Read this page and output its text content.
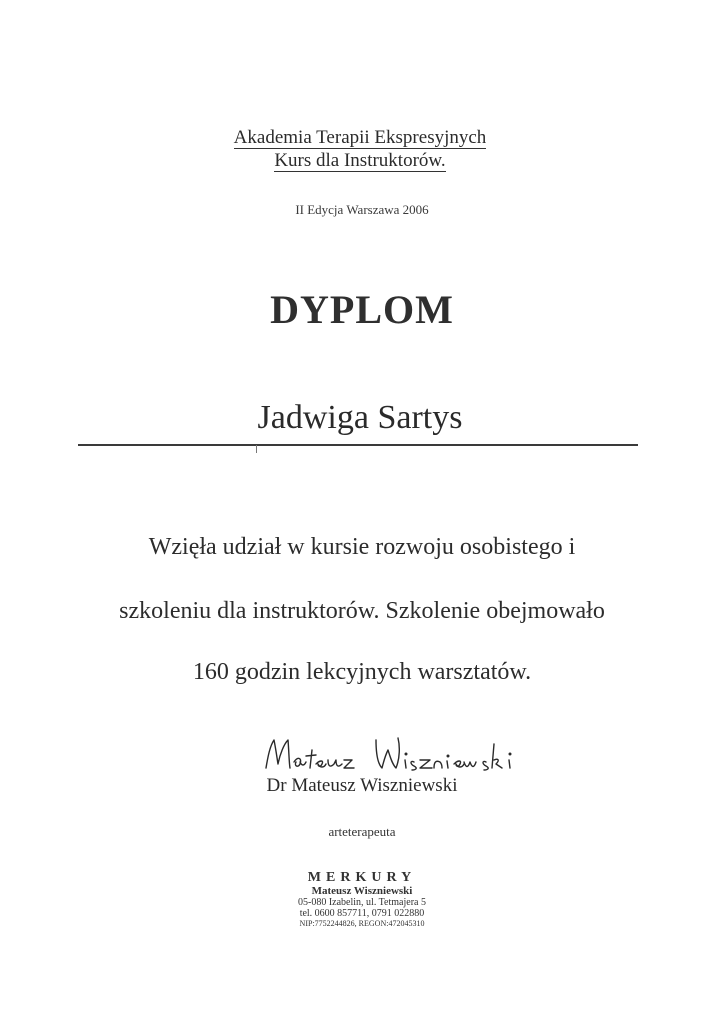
Akademia Terapii Ekspresyjnych
Kurs dla Instruktorów.
II Edycja Warszawa 2006
DYPLOM
Jadwiga Sartys
Wzięła udział w kursie rozwoju osobistego i
szkoleniu dla instruktorów. Szkolenie obejmowało
160 godzin lekcyjnych warsztatów.
Dr Mateusz Wiszniewski
arteterapeuta
MERKURY
Mateusz Wiszniewski
05-080 Izabelin, ul. Tetmajera 5
tel. 0600 857711, 0791 022880
NIP:7752244826, REGON:472045310
